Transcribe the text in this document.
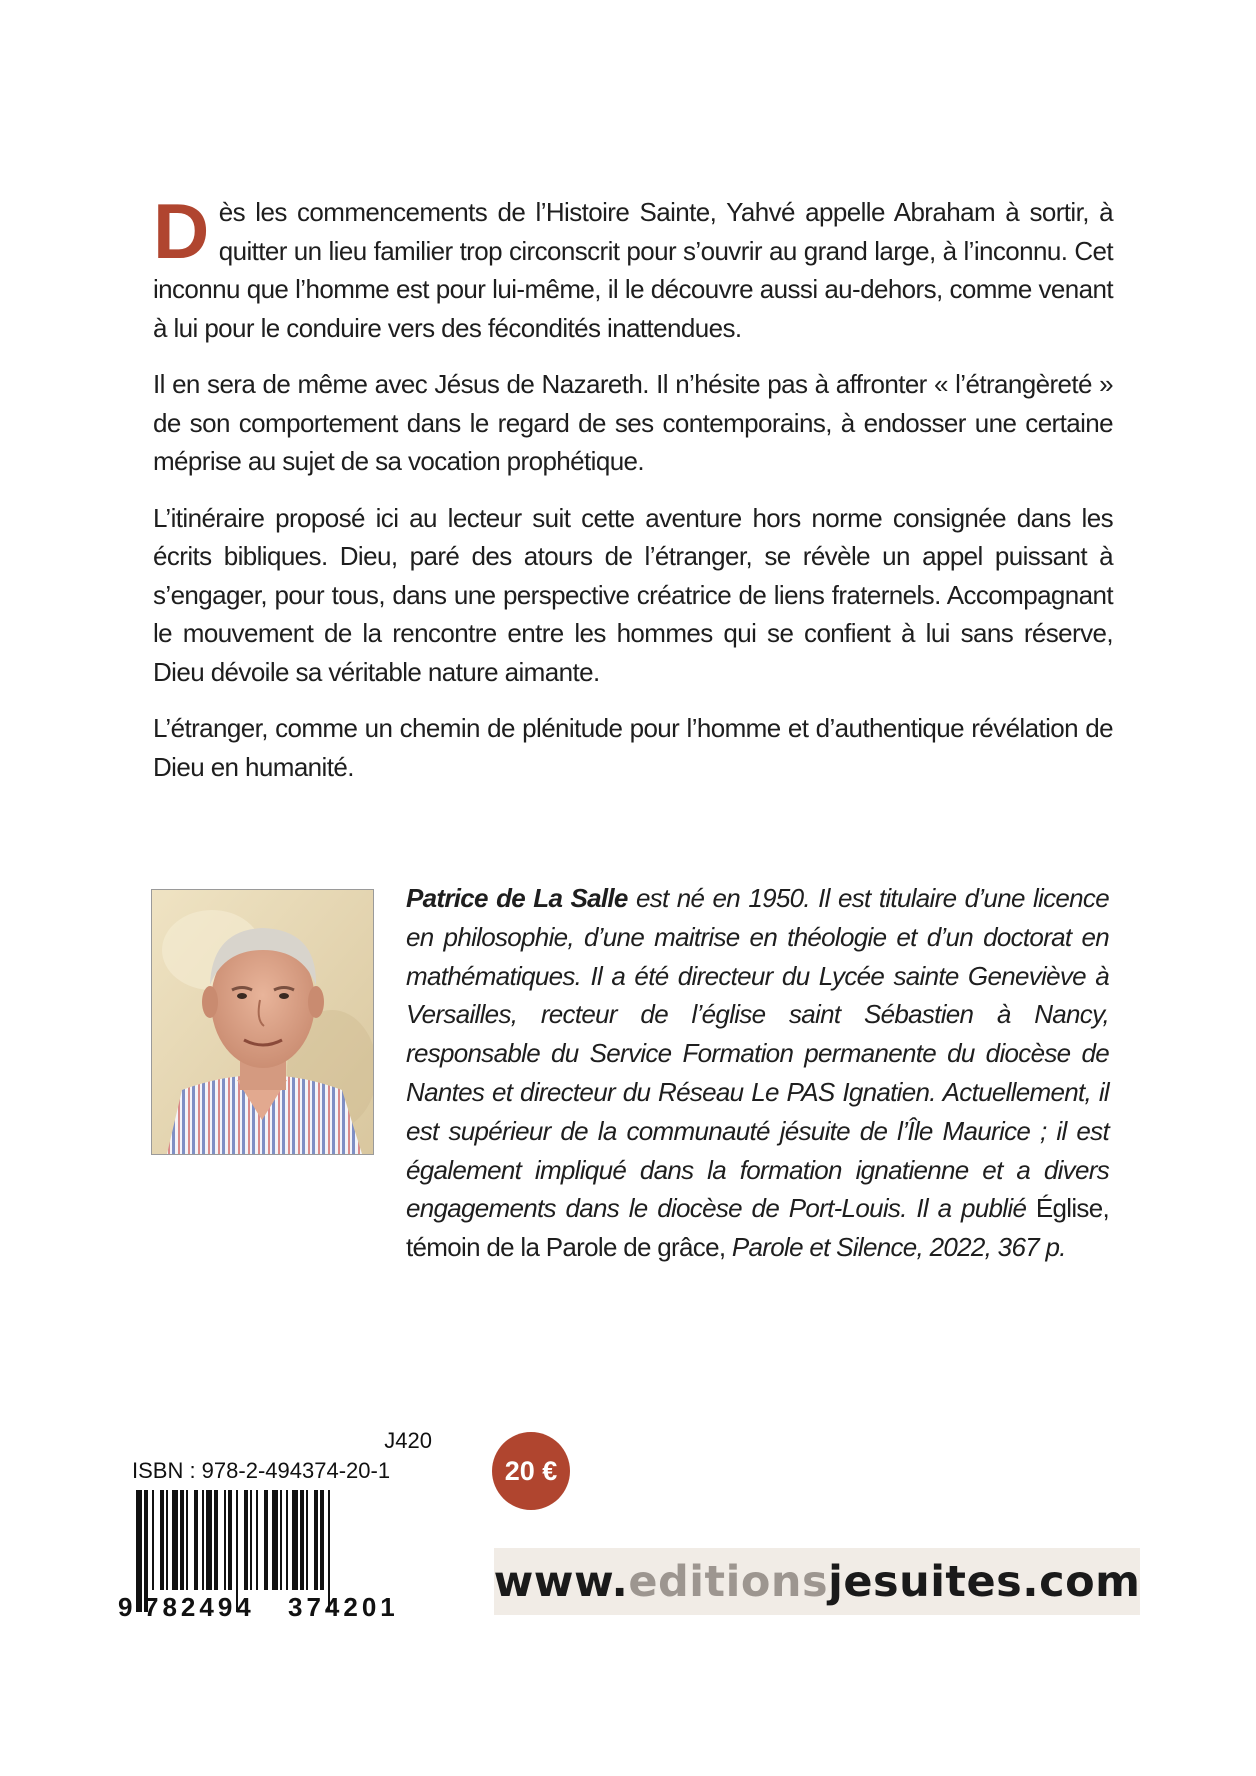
Dès les commencements de l’Histoire Sainte, Yahvé appelle Abraham à sortir, à quitter un lieu familier trop circonscrit pour s’ouvrir au grand large, à l’inconnu. Cet inconnu que l’homme est pour lui-même, il le découvre aussi au-dehors, comme venant à lui pour le conduire vers des fécondités inattendues.

Il en sera de même avec Jésus de Nazareth. Il n’hésite pas à affronter « l’étrangèreté » de son comportement dans le regard de ses contemporains, à endosser une certaine méprise au sujet de sa vocation prophétique.

L’itinéraire proposé ici au lecteur suit cette aventure hors norme consignée dans les écrits bibliques. Dieu, paré des atours de l’étranger, se révèle un appel puissant à s’engager, pour tous, dans une perspective créatrice de liens fraternels. Accompagnant le mouvement de la rencontre entre les hommes qui se confient à lui sans réserve, Dieu dévoile sa véritable nature aimante.

L’étranger, comme un chemin de plénitude pour l’homme et d’authentique révélation de Dieu en humanité.

Patrice de La Salle est né en 1950. Il est titulaire d’une licence en philosophie, d’une maitrise en théologie et d’un doctorat en mathématiques. Il a été directeur du Lycée sainte Geneviève à Versailles, recteur de l’église saint Sébastien à Nancy, responsable du Service Formation permanente du diocèse de Nantes et directeur du Réseau Le PAS Ignatien. Actuellement, il est supérieur de la communauté jésuite de l’Île Maurice ; il est également impliqué dans la formation ignatienne et a divers engagements dans le diocèse de Port-Louis. Il a publié Église, témoin de la Parole de grâce, Parole et Silence, 2022, 367 p.
J420
ISBN : 978-2-494374-20-1
9 782494 374201
20 €
www. editions jesuites.com
